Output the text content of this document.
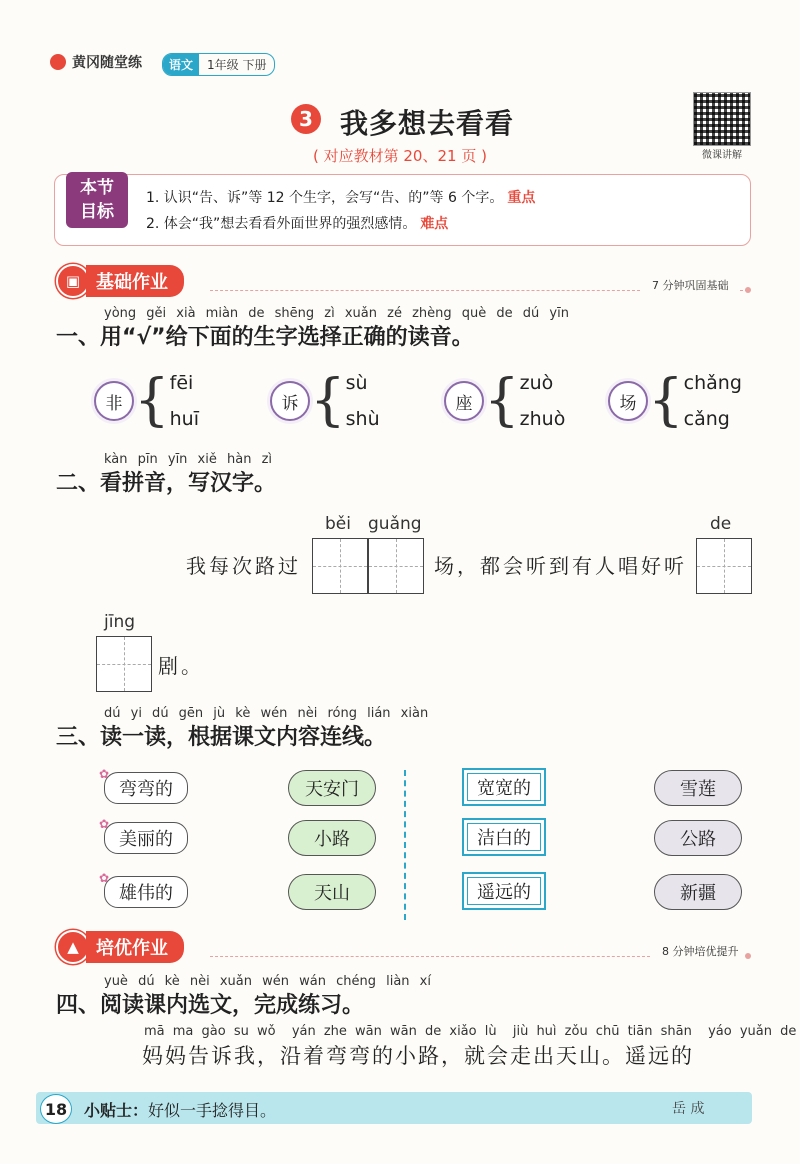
黄冈随堂练	语文	1年级 下册
3 我多想去看看
( 对应教材第 20、21 页 )	微课讲解
本节
目标
1. 认识“告、诉”等 12 个生字，会写“告、的”等 6 个字。 重点
2. 体会“我”想去看看外面世界的强烈感情。 难点
▣ 基础作业	7 分钟巩固基础
yòng gěi xià miàn de shēng zì xuǎn zé zhèng què de dú yīn
一、用“√”给下面的生字选择正确的读音。
非 { fēi
huī
诉 { sù
shù
座 { zuò
zhuò
场 { chǎng
cǎng
kàn pīn yīn xiě hàn zì
二、看拼音，写汉字。
我每次路过
běi guǎng
场，都会听到有人唱好听
de
jīng
剧。
dú yi dú gēn jù kè wén nèi róng lián xiàn
三、读一读，根据课文内容连线。
✿
弯弯的
✿
美丽的
✿
雄伟的
天安门
小路
天山
宽宽的
洁白的
遥远的
雪莲
公路
新疆
▲ 培优作业	8 分钟培优提升
yuè dú kè nèi xuǎn wén wán chéng liàn xí
四、阅读课内选文，完成练习。
mā ma gào su wǒ  yán zhe wān wān de xiǎo lù  jiù huì zǒu chū tiān shān  yáo yuǎn de
妈妈告诉我，沿着弯弯的小路，就会走出天山。遥远的
18	小贴士：好似一手捻得目。	岳 成
